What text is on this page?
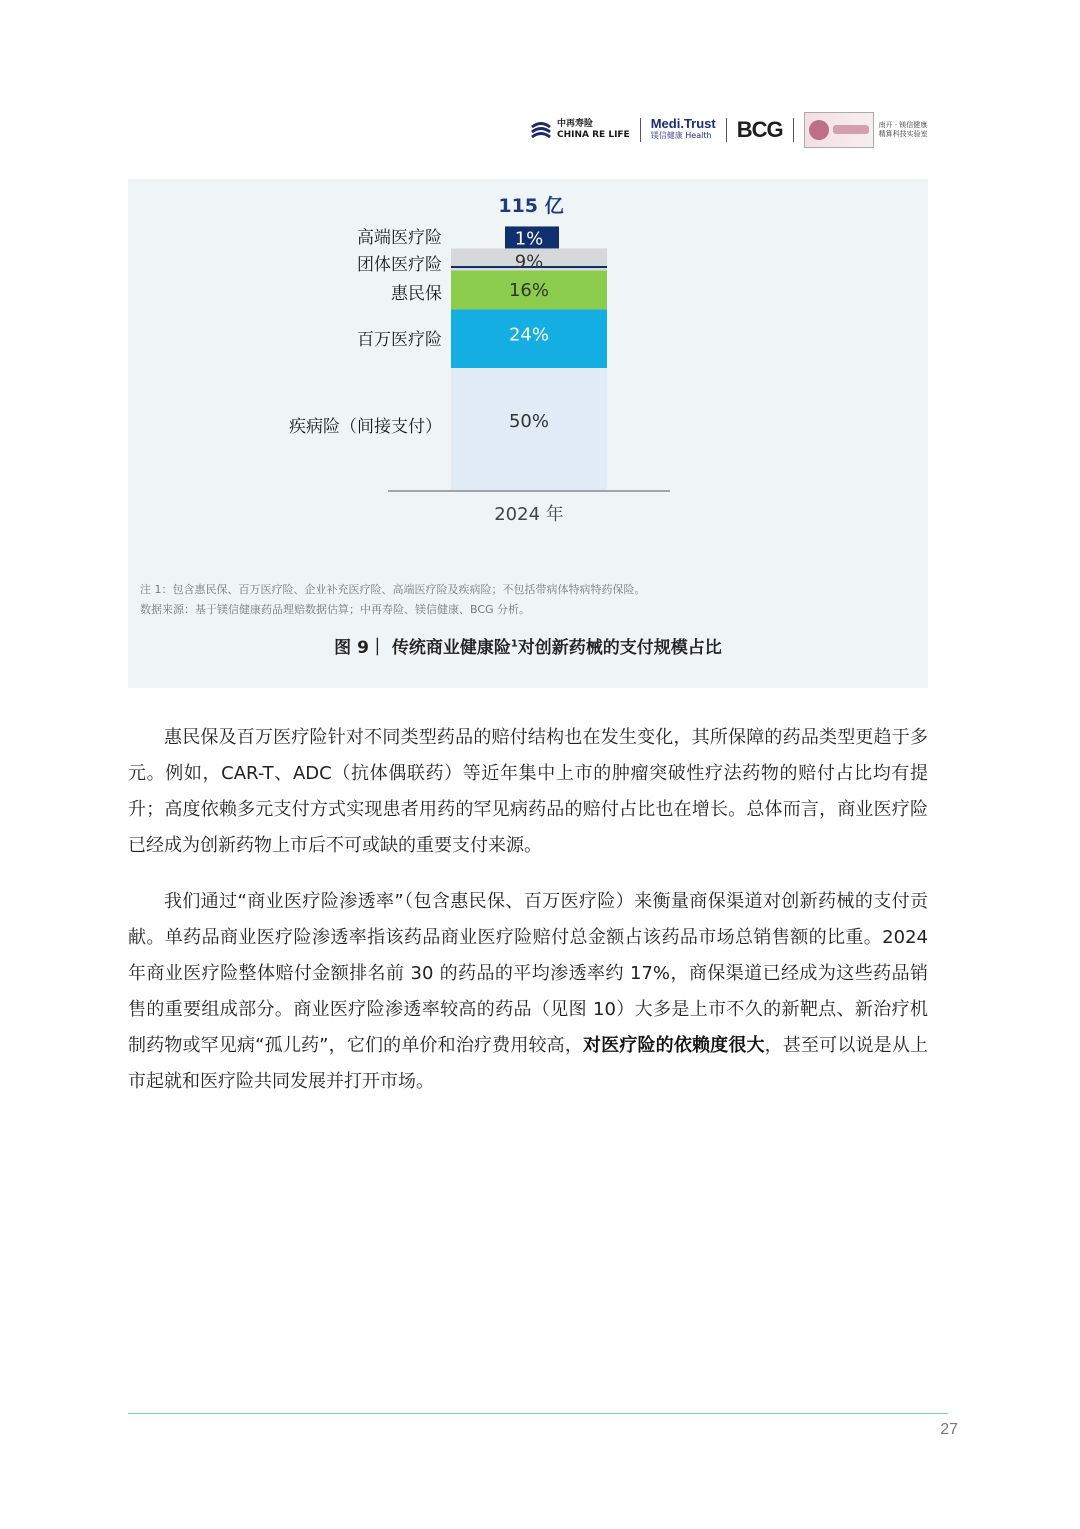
中再寿险
CHINA RE LIFE
Medi.Trust
镁信健康 Health BCG	南开 · 镁信健康
精算科技实验室
50%
疾病险（间接支付）
24%
百万医疗险
16%
惠民保
9%
团体医疗险
1%
高端医疗险
115 亿
2024 年
注 1：包含惠民保、百万医疗险、企业补充医疗险、高端医疗险及疾病险；不包括带病体特病特药保险。
数据来源：基于镁信健康药品理赔数据估算；中再寿险、镁信健康、BCG 分析。
图 9｜ 传统商业健康险$^1$对创新药械的支付规模占比

惠民保及百万医疗险针对不同类型药品的赔付结构也在发生变化，其所保障的药品类型更趋于多元。例如，CAR-T、ADC（抗体偶联药）等近年集中上市的肿瘤突破性疗法药物的赔付占比均有提升；高度依赖多元支付方式实现患者用药的罕见病药品的赔付占比也在增长。总体而言，商业医疗险已经成为创新药物上市后不可或缺的重要支付来源。

我们通过“商业医疗险渗透率”（包含惠民保、百万医疗险）来衡量商保渠道对创新药械的支付贡献。单药品商业医疗险渗透率指该药品商业医疗险赔付总金额占该药品市场总销售额的比重。2024 年商业医疗险整体赔付金额排名前 30 的药品的平均渗透率约 17%，商保渠道已经成为这些药品销售的重要组成部分。商业医疗险渗透率较高的药品（见图 10）大多是上市不久的新靶点、新治疗机制药物或罕见病“孤儿药”，它们的单价和治疗费用较高，对医疗险的依赖度很大，甚至可以说是从上市起就和医疗险共同发展并打开市场。

27
